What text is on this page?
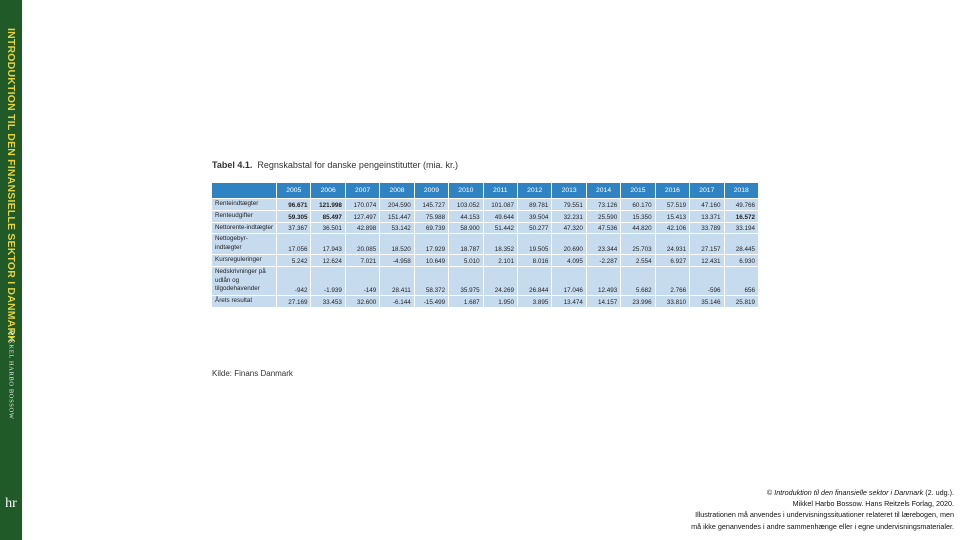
INTRODUKTION TIL DEN FINANSIELLE SEKTOR I DANMARK
MIKKEL HARBO BOSSOW
hr
Tabel 4.1. Regnskabstal for danske pengeinstitutter (mia. kr.)
	2005	2006	2007	2008	2009	2010	2011	2012	2013	2014	2015	2016	2017	2018
Renteindtægter	96.671	121.998	170.074	204.590	145.727	103.052	101.087	89.781	79.551	73.126	60.170	57.519	47.160	49.766
Renteudgifter	59.305	85.497	127.497	151.447	75.988	44.153	49.644	39.504	32.231	25.590	15.350	15.413	13.371	16.572
Nettorente-indtægter	37.367	36.501	42.898	53.142	69.739	58.900	51.442	50.277	47.320	47.536	44.820	42.106	33.789	33.194
Nettogebyr-indtægter	17.056	17.943	20.085	18.520	17.929	18.787	18.352	19.505	20.690	23.344	25.703	24.931	27.157	28.445
Kursreguleringer	5.242	12.624	7.021	-4.958	10.649	5.010	2.101	8.016	4.095	-2.287	2.554	6.927	12.431	6.930
Nedskrivninger på udlån og tilgodehavender	-942	-1.939	-149	28.411	58.372	35.975	24.269	26.844	17.046	12.493	5.682	2.766	-596	656
Årets resultat	27.169	33.453	32.600	-6.144	-15.499	1.687	1.950	3.895	13.474	14.157	23.996	33.810	35.146	25.819
Kilde: Finans Danmark
© Introduktion til den finansielle sektor i Danmark (2. udg.).
Mikkel Harbo Bossow. Hans Reitzels Forlag, 2020.
Illustrationen må anvendes i undervisningssituationer relateret til lærebogen, men
må ikke genanvendes i andre sammenhænge eller i egne undervisningsmaterialer.
